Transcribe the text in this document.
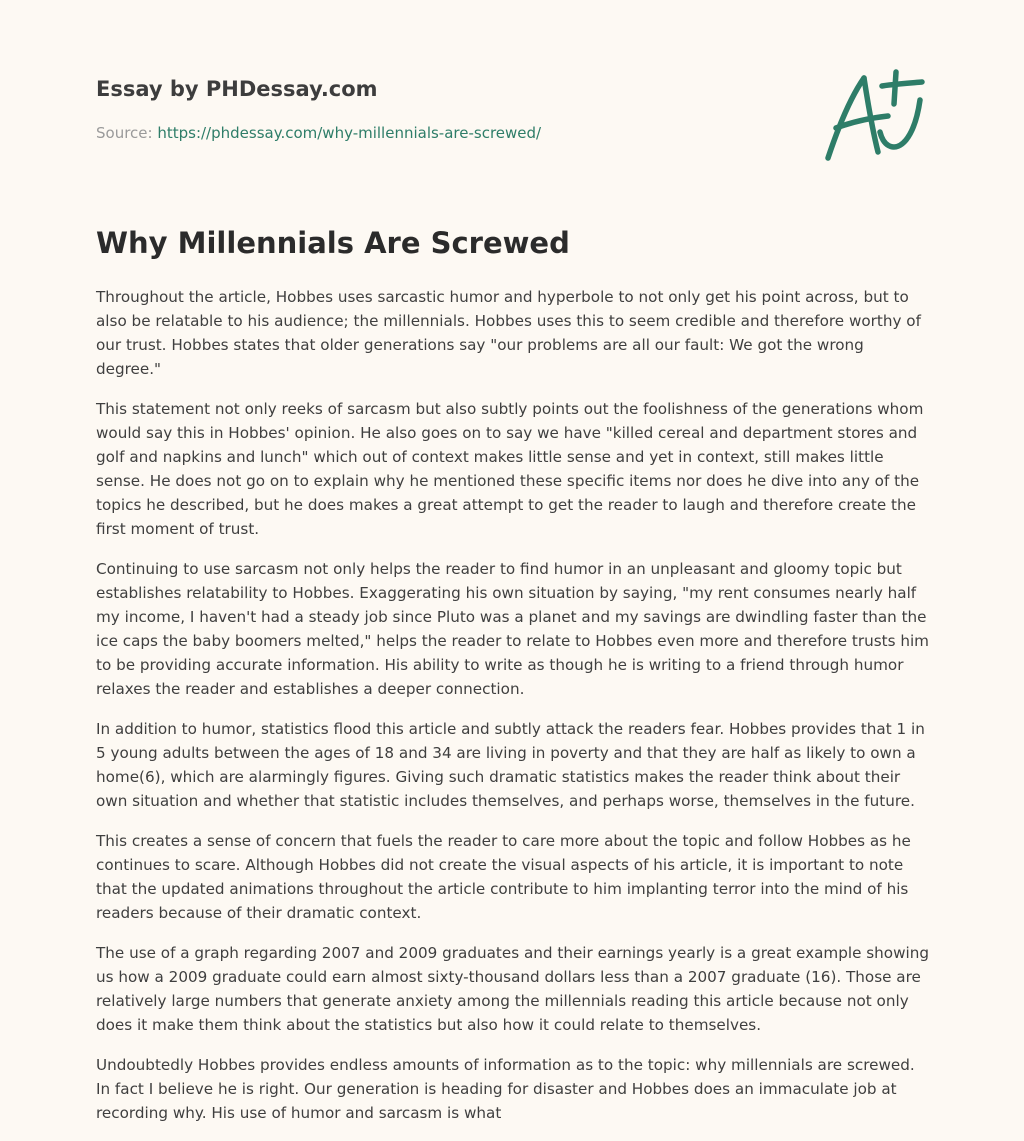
Essay by PHDessay.com

Source: https://phdessay.com/why-millennials-are-screwed/

Why Millennials Are Screwed

Throughout the article, Hobbes uses sarcastic humor and hyperbole to not only get his point across, but to also be relatable to his audience; the millennials. Hobbes uses this to seem credible and therefore worthy of our trust. Hobbes states that older generations say "our problems are all our fault: We got the wrong degree."

This statement not only reeks of sarcasm but also subtly points out the foolishness of the generations whom would say this in Hobbes' opinion. He also goes on to say we have "killed cereal and department stores and golf and napkins and lunch" which out of context makes little sense and yet in context, still makes little sense. He does not go on to explain why he mentioned these specific items nor does he dive into any of the topics he described, but he does makes a great attempt to get the reader to laugh and therefore create the first moment of trust.

Continuing to use sarcasm not only helps the reader to find humor in an unpleasant and gloomy topic but establishes relatability to Hobbes. Exaggerating his own situation by saying, "my rent consumes nearly half my income, I haven't had a steady job since Pluto was a planet and my savings are dwindling faster than the ice caps the baby boomers melted," helps the reader to relate to Hobbes even more and therefore trusts him to be providing accurate information. His ability to write as though he is writing to a friend through humor relaxes the reader and establishes a deeper connection.

In addition to humor, statistics flood this article and subtly attack the readers fear. Hobbes provides that 1 in 5 young adults between the ages of 18 and 34 are living in poverty and that they are half as likely to own a home(6), which are alarmingly figures. Giving such dramatic statistics makes the reader think about their own situation and whether that statistic includes themselves, and perhaps worse, themselves in the future.

This creates a sense of concern that fuels the reader to care more about the topic and follow Hobbes as he continues to scare. Although Hobbes did not create the visual aspects of his article, it is important to note that the updated animations throughout the article contribute to him implanting terror into the mind of his readers because of their dramatic context.

The use of a graph regarding 2007 and 2009 graduates and their earnings yearly is a great example showing us how a 2009 graduate could earn almost sixty-thousand dollars less than a 2007 graduate (16). Those are relatively large numbers that generate anxiety among the millennials reading this article because not only does it make them think about the statistics but also how it could relate to themselves.

Undoubtedly Hobbes provides endless amounts of information as to the topic: why millennials are screwed. In fact I believe he is right. Our generation is heading for disaster and Hobbes does an immaculate job at recording why. His use of humor and sarcasm is what
